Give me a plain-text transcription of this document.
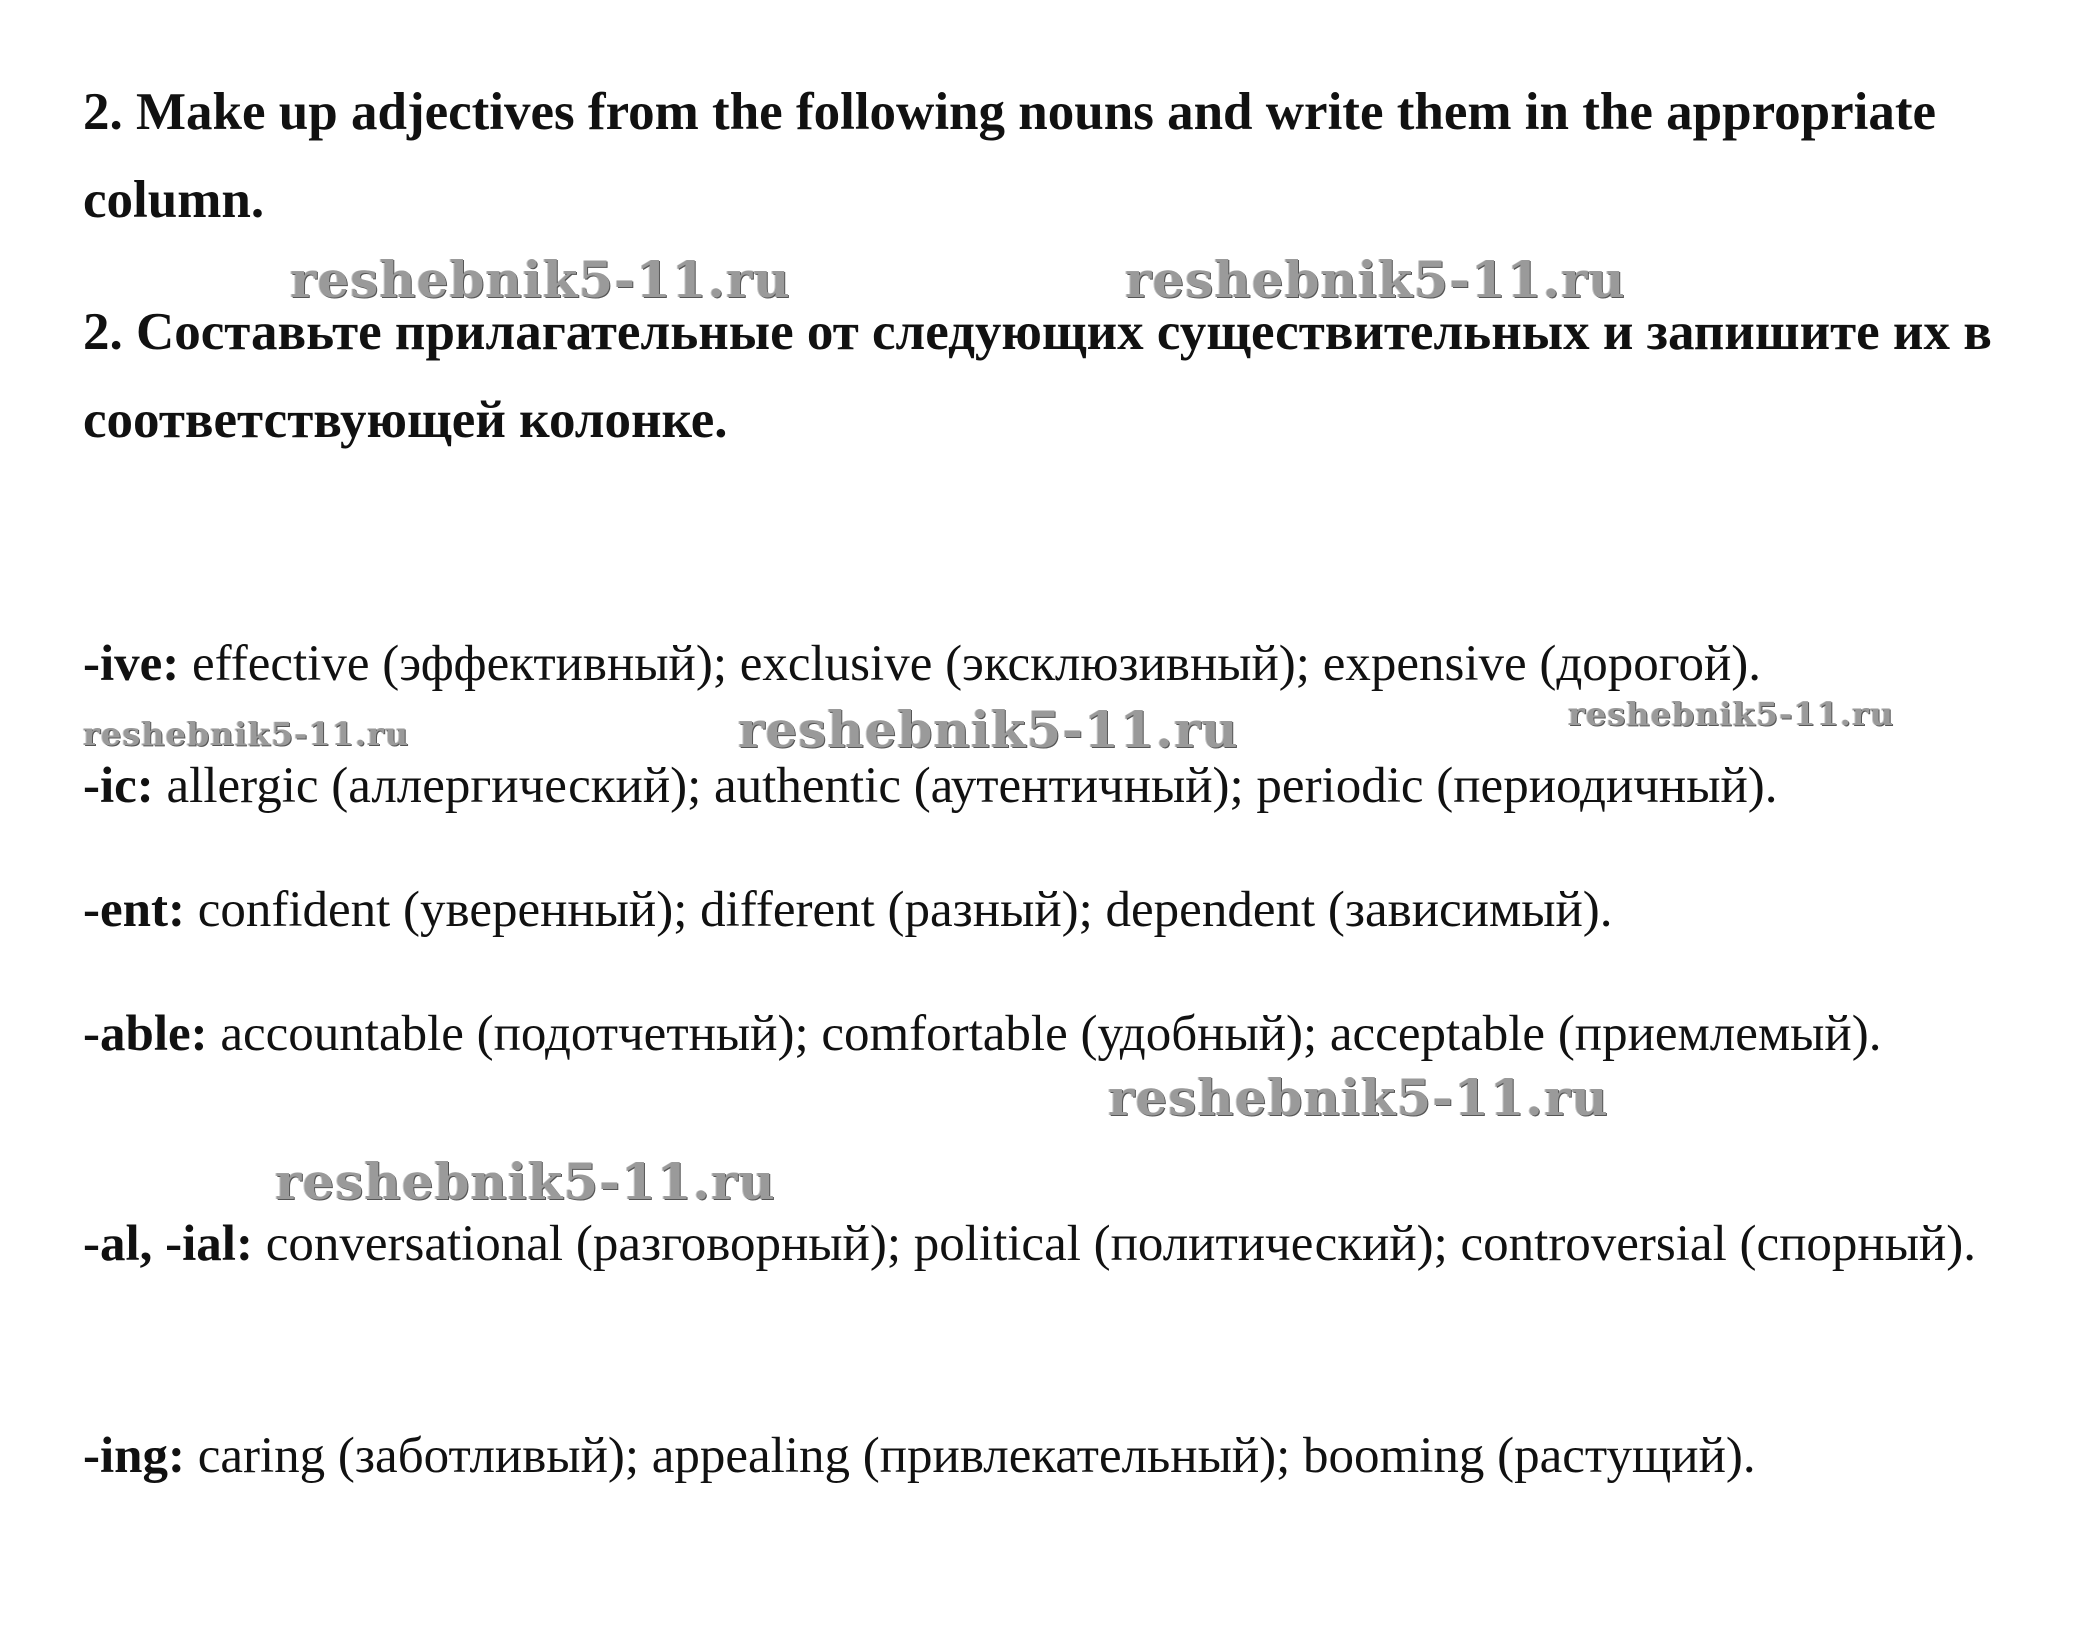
2. Make up adjectives from the following nouns and write them in the appropriate column.

2. Составьте прилагательные от следующих существительных и запишите их в соответствующей колонке.

-ive: effective (эффективный); exclusive (эксклюзивный); expensive (дорогой).

-ic: allergic (аллергический); authentic (аутентичный); periodic (периодичный).

-ent: confident (уверенный); different (разный); dependent (зависимый).

-able: accountable (подотчетный); comfortable (удобный); acceptable (приемлемый).

-al, -ial: conversational (разговорный); political (политический); controversial (спорный).

-ing: caring (заботливый); appealing (привлекательный); booming (растущий).

reshebnik5-11.ru	reshebnik5-11.ru
reshebnik5-11.ru	reshebnik5-11.ru	reshebnik5-11.ru
reshebnik5-11.ru
reshebnik5-11.ru
